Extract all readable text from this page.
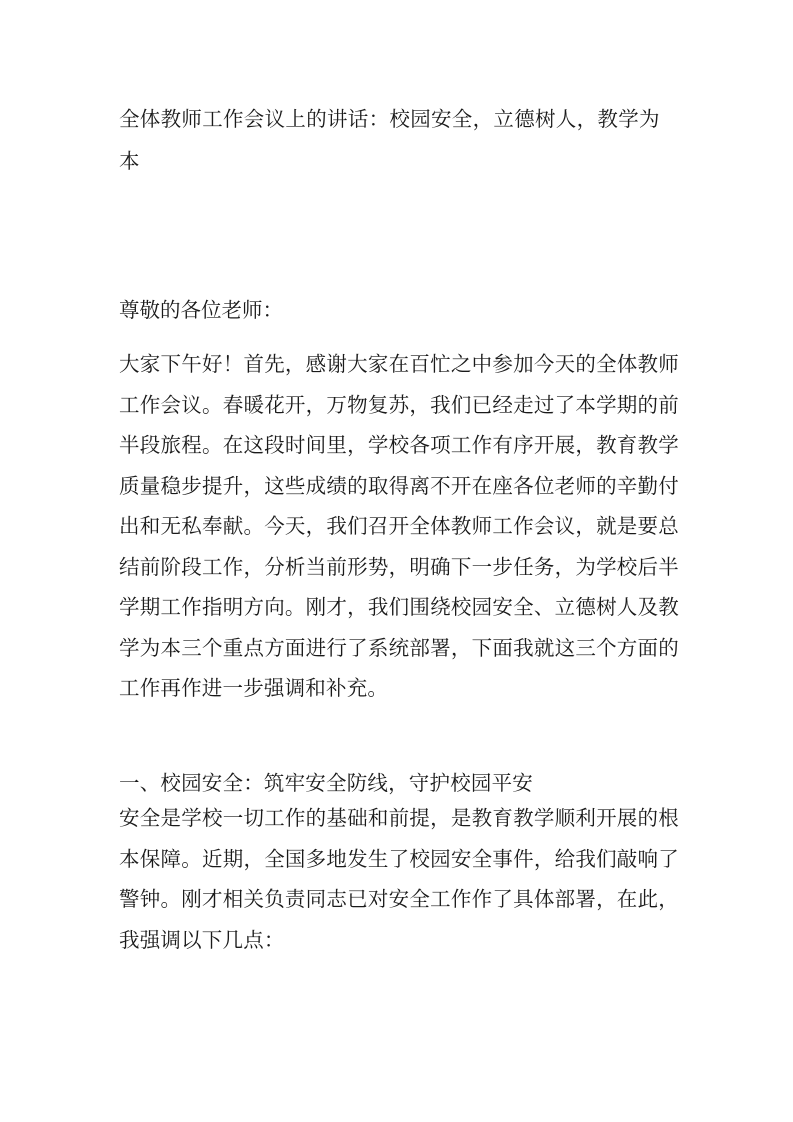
全体教师工作会议上的讲话：校园安全，立德树人，教学为本

尊敬的各位老师：

大家下午好！首先，感谢大家在百忙之中参加今天的全体教师工作会议。春暖花开，万物复苏，我们已经走过了本学期的前半段旅程。在这段时间里，学校各项工作有序开展，教育教学质量稳步提升，这些成绩的取得离不开在座各位老师的辛勤付出和无私奉献。今天，我们召开全体教师工作会议，就是要总结前阶段工作，分析当前形势，明确下一步任务，为学校后半学期工作指明方向。刚才，我们围绕校园安全、立德树人及教学为本三个重点方面进行了系统部署，下面我就这三个方面的工作再作进一步强调和补充。

一、校园安全：筑牢安全防线，守护校园平安

安全是学校一切工作的基础和前提，是教育教学顺利开展的根本保障。近期，全国多地发生了校园安全事件，给我们敲响了警钟。刚才相关负责同志已对安全工作作了具体部署，在此，我强调以下几点：
